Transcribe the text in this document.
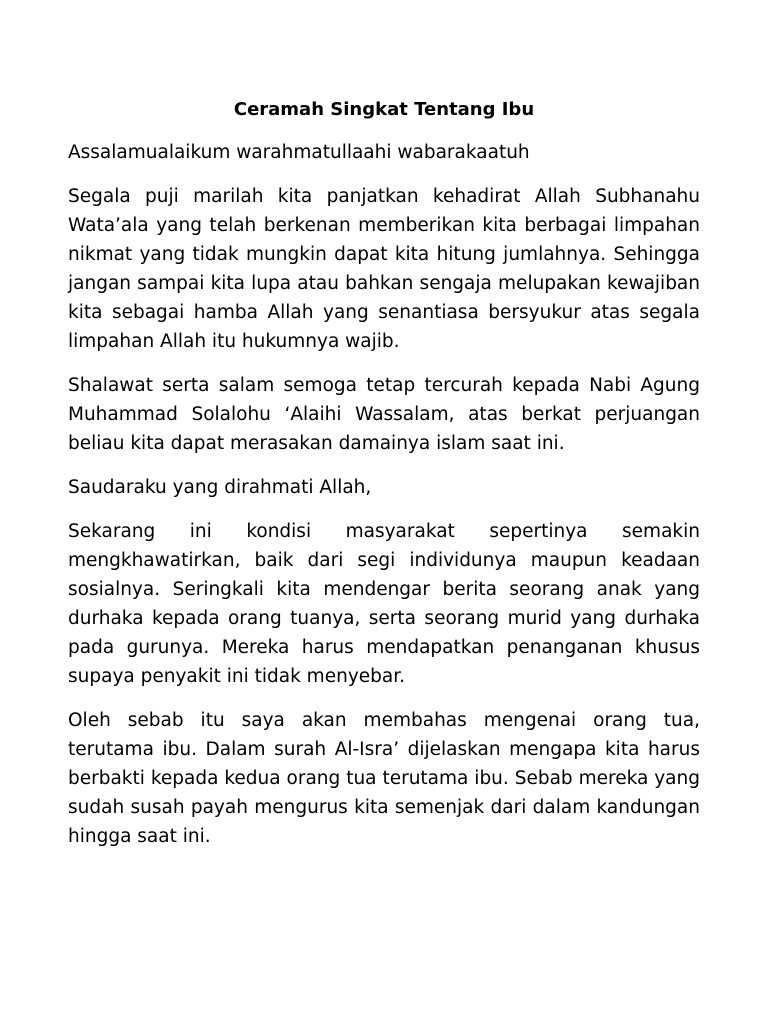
Ceramah Singkat Tentang Ibu

Assalamualaikum warahmatullaahi wabarakaatuh

Segala puji marilah kita panjatkan kehadirat Allah Subhanahu Wata’ala yang telah berkenan memberikan kita berbagai limpahan nikmat yang tidak mungkin dapat kita hitung jumlahnya. Sehingga jangan sampai kita lupa atau bahkan sengaja melupakan kewajiban kita sebagai hamba Allah yang senantiasa bersyukur atas segala limpahan Allah itu hukumnya wajib.

Shalawat serta salam semoga tetap tercurah kepada Nabi Agung Muhammad Solalohu ‘Alaihi Wassalam, atas berkat perjuangan beliau kita dapat merasakan damainya islam saat ini.

Saudaraku yang dirahmati Allah,

Sekarang ini kondisi masyarakat sepertinya semakin mengkhawatirkan, baik dari segi individunya maupun keadaan sosialnya. Seringkali kita mendengar berita seorang anak yang durhaka kepada orang tuanya, serta seorang murid yang durhaka pada gurunya. Mereka harus mendapatkan penanganan khusus supaya penyakit ini tidak menyebar.

Oleh sebab itu saya akan membahas mengenai orang tua, terutama ibu. Dalam surah Al-Isra’ dijelaskan mengapa kita harus berbakti kepada kedua orang tua terutama ibu. Sebab mereka yang sudah susah payah mengurus kita semenjak dari dalam kandungan hingga saat ini.
